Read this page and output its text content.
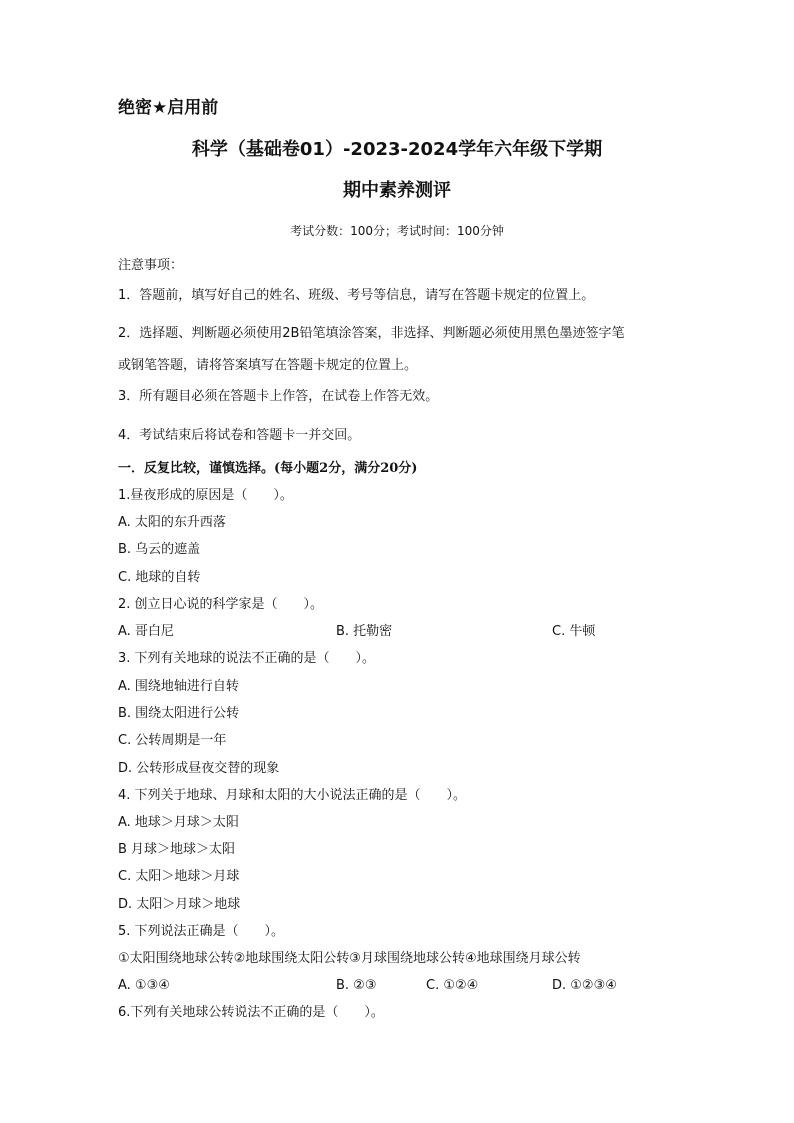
绝密★启用前
科学（基础卷01）-2023-2024学年六年级下学期
期中素养测评
考试分数：100分；考试时间：100分钟
注意事项：
1．答题前，填写好自己的姓名、班级、考号等信息，请写在答题卡规定的位置上。
2．选择题、判断题必须使用2B铅笔填涂答案，非选择、判断题必须使用黑色墨迹签字笔
或钢笔答题，请将答案填写在答题卡规定的位置上。
3．所有题目必须在答题卡上作答，在试卷上作答无效。
4．考试结束后将试卷和答题卡一并交回。
一．反复比较，谨慎选择。(每小题2分，满分20分)
1.昼夜形成的原因是（　　）。
A. 太阳的东升西落
B. 乌云的遮盖
C. 地球的自转
2. 创立日心说的科学家是（　　）。
A. 哥白尼	B. 托勒密	C. 牛顿
3. 下列有关地球的说法不正确的是（　　）。
A. 围绕地轴进行自转
B. 围绕太阳进行公转
C. 公转周期是一年
D. 公转形成昼夜交替的现象
4. 下列关于地球、月球和太阳的大小说法正确的是（　　）。
A. 地球＞月球＞太阳
B 月球＞地球＞太阳
C. 太阳＞地球＞月球
D. 太阳＞月球＞地球
5. 下列说法正确是（　　）。
①太阳围绕地球公转②地球围绕太阳公转③月球围绕地球公转④地球围绕月球公转
A. ①③④	B. ②③	C. ①②④	D. ①②③④
6.下列有关地球公转说法不正确的是（　　）。
